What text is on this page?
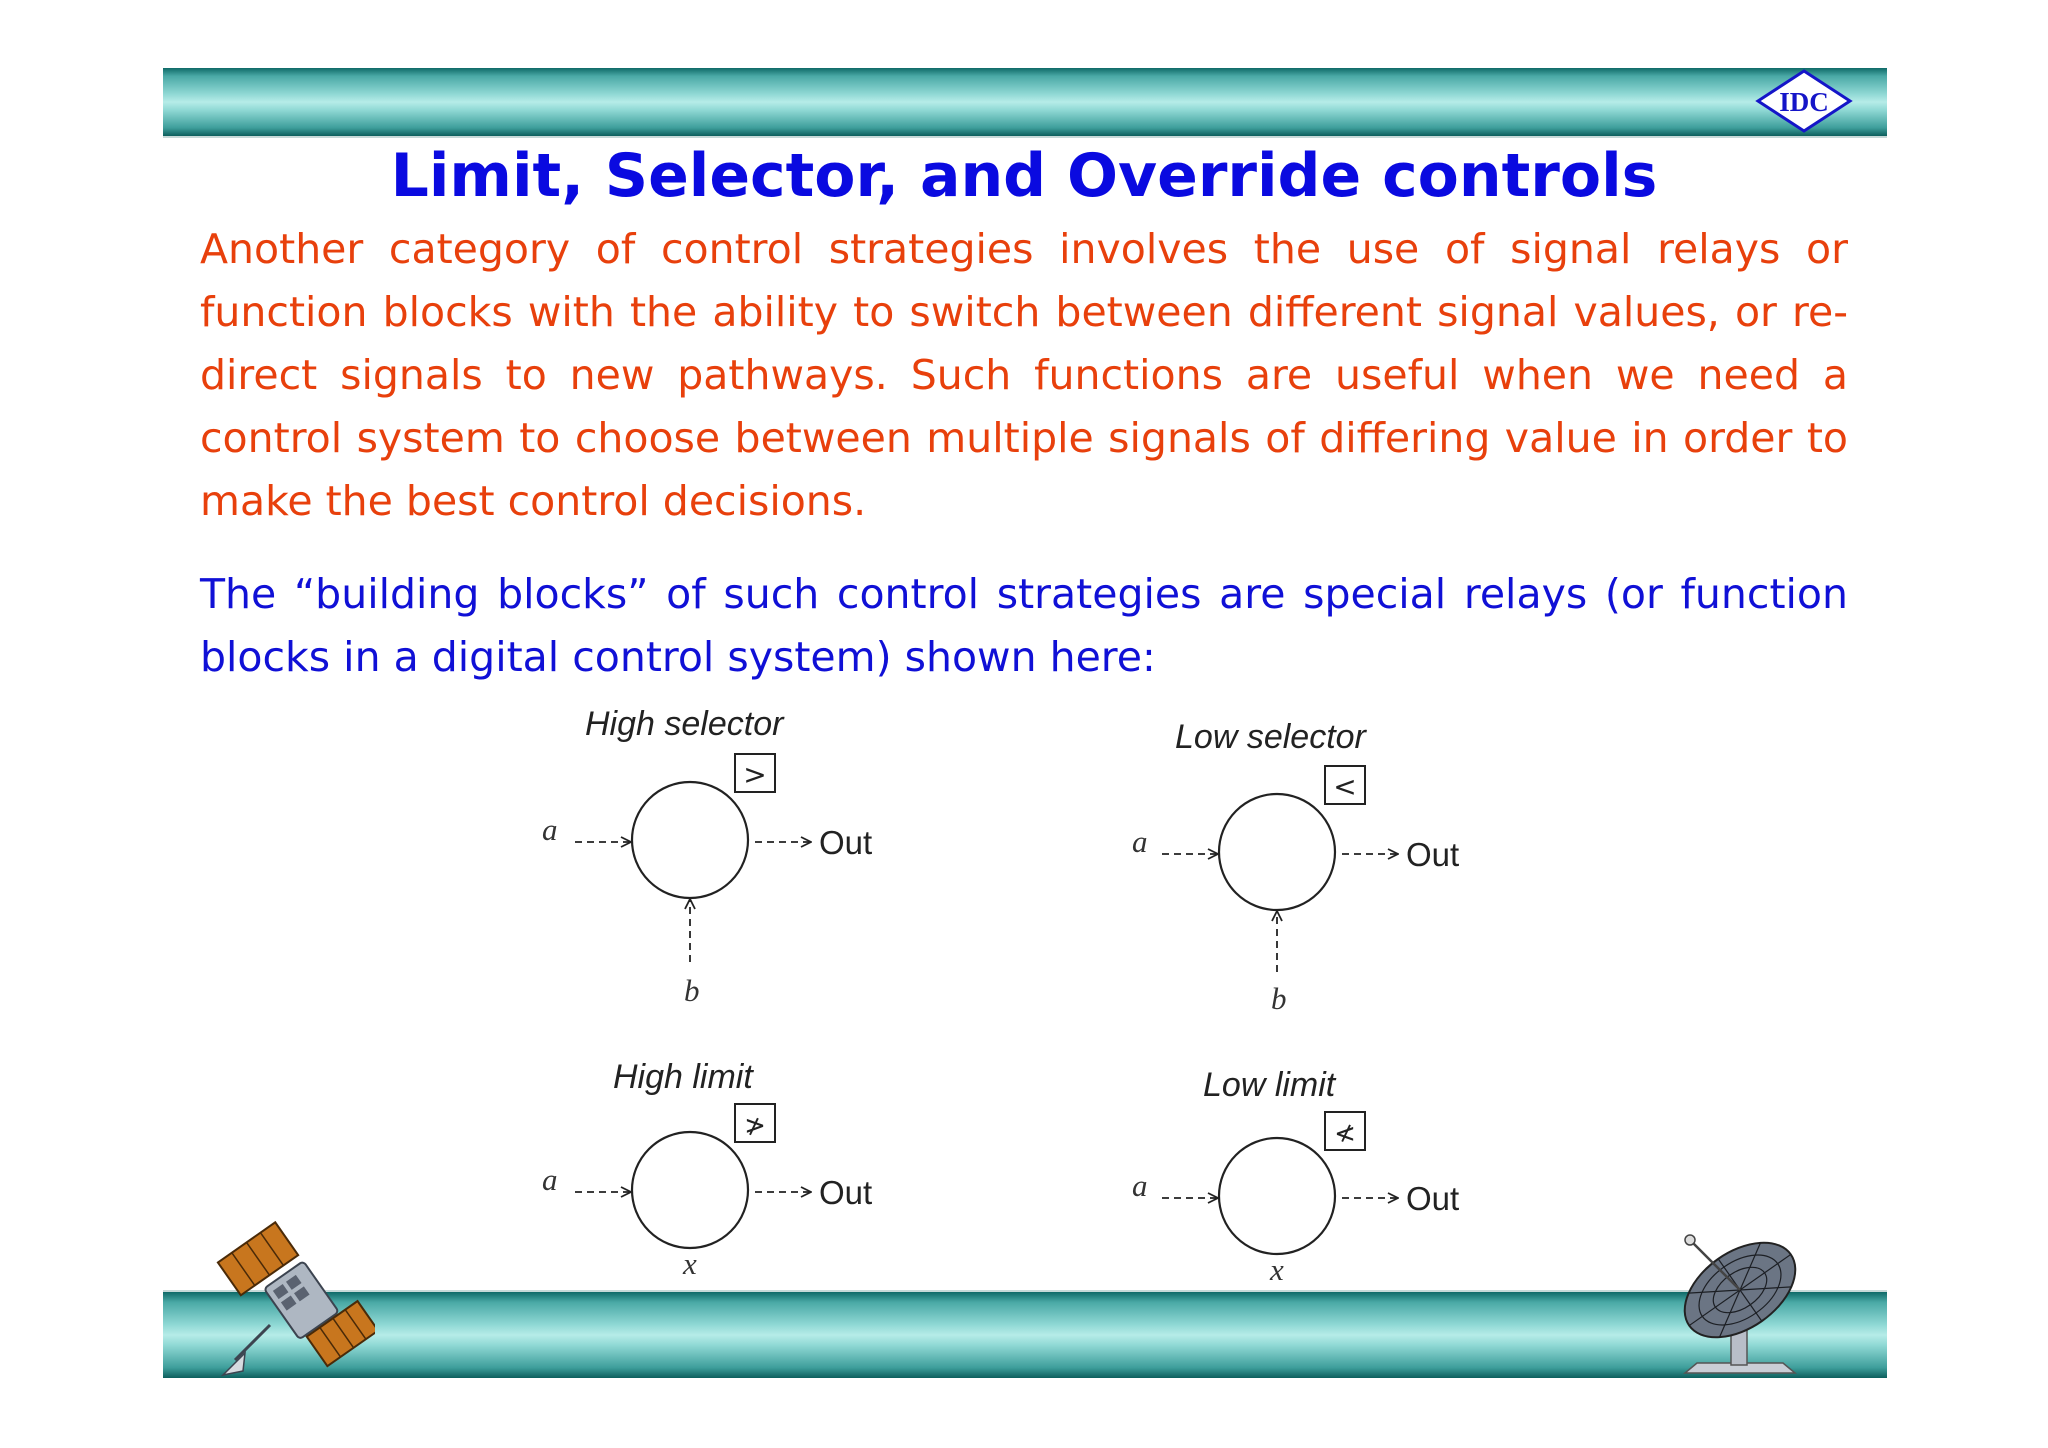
IDC
Limit, Selector, and Override controls

Another category of control strategies involves the use of signal relays or function blocks with the ability to switch between different signal values, or re-direct signals to new pathways. Such functions are useful when we need a control system to choose between multiple signals of differing value in order to make the best control decisions.

The “building blocks” of such control strategies are special relays (or function blocks in a digital control system) shown here:

High selector
>
a	Out
b
Low selector
<
a	Out
b
High limit
≯
a	Out
x
Low limit
≮
a	Out
x
